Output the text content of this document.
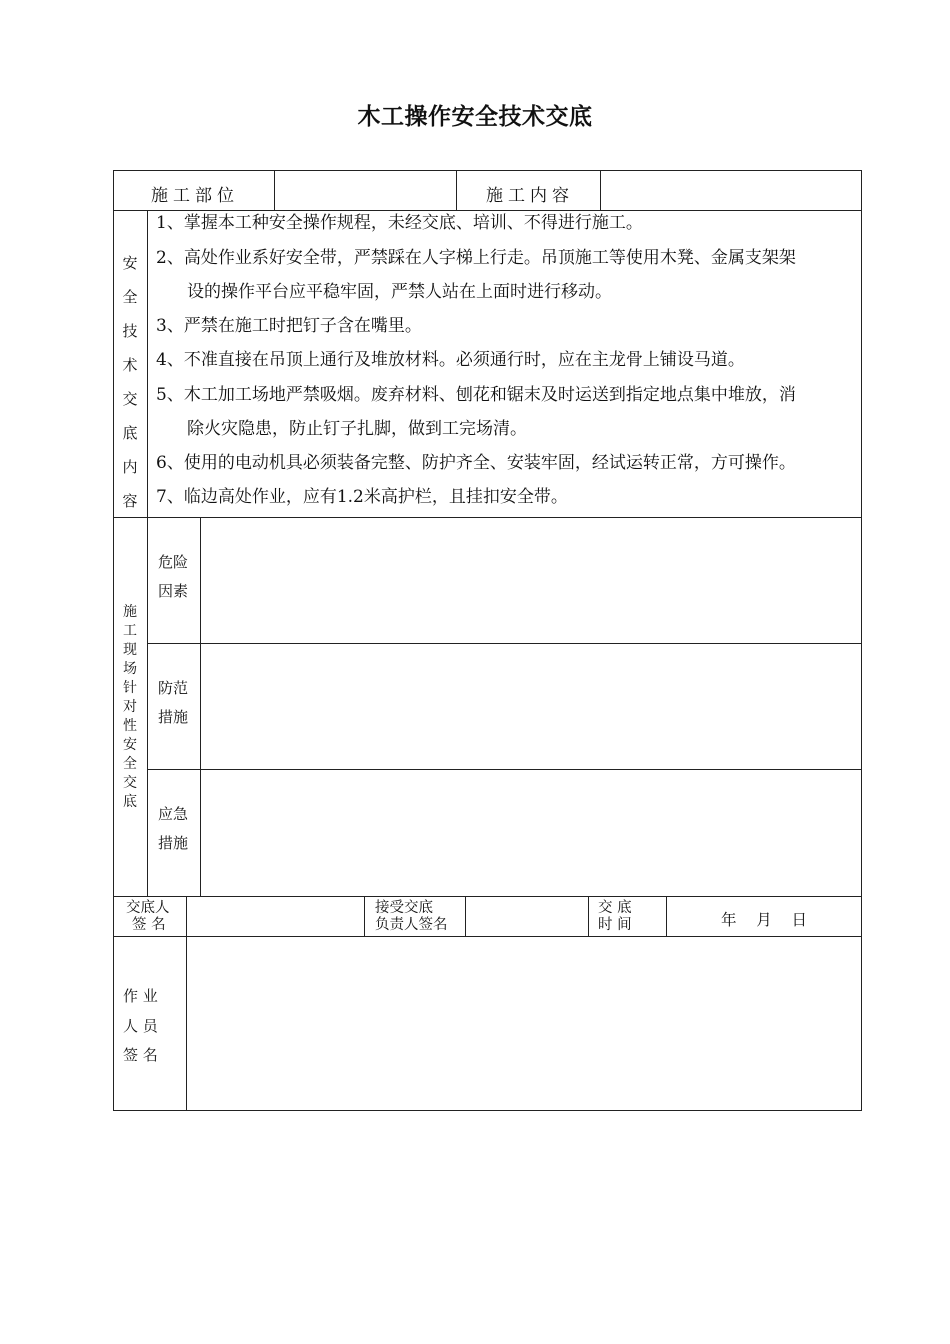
木工操作安全技术交底
施工部位	施工内容
安
全
技
术
交
底
内
容
1、掌握本工种安全操作规程，未经交底、培训、不得进行施工。
2、高处作业系好安全带，严禁踩在人字梯上行走。吊顶施工等使用木凳、金属支架架
设的操作平台应平稳牢固，严禁人站在上面时进行移动。
3、严禁在施工时把钉子含在嘴里。
4、不准直接在吊顶上通行及堆放材料。必须通行时，应在主龙骨上铺设马道。
5、木工加工场地严禁吸烟。废弃材料、刨花和锯末及时运送到指定地点集中堆放，消
除火灾隐患，防止钉子扎脚，做到工完场清。
6、使用的电动机具必须装备完整、防护齐全、安装牢固，经试运转正常，方可操作。
7、临边高处作业，应有1.2米高护栏，且挂扣安全带。
施
工
现
场
针
对
性
安
全
交
底
危险
因素
防范
措施
应急
措施
交底人
签 名
接受交底
负责人签名
交 底
时 间	年    月    日
作 业
人 员
签 名
